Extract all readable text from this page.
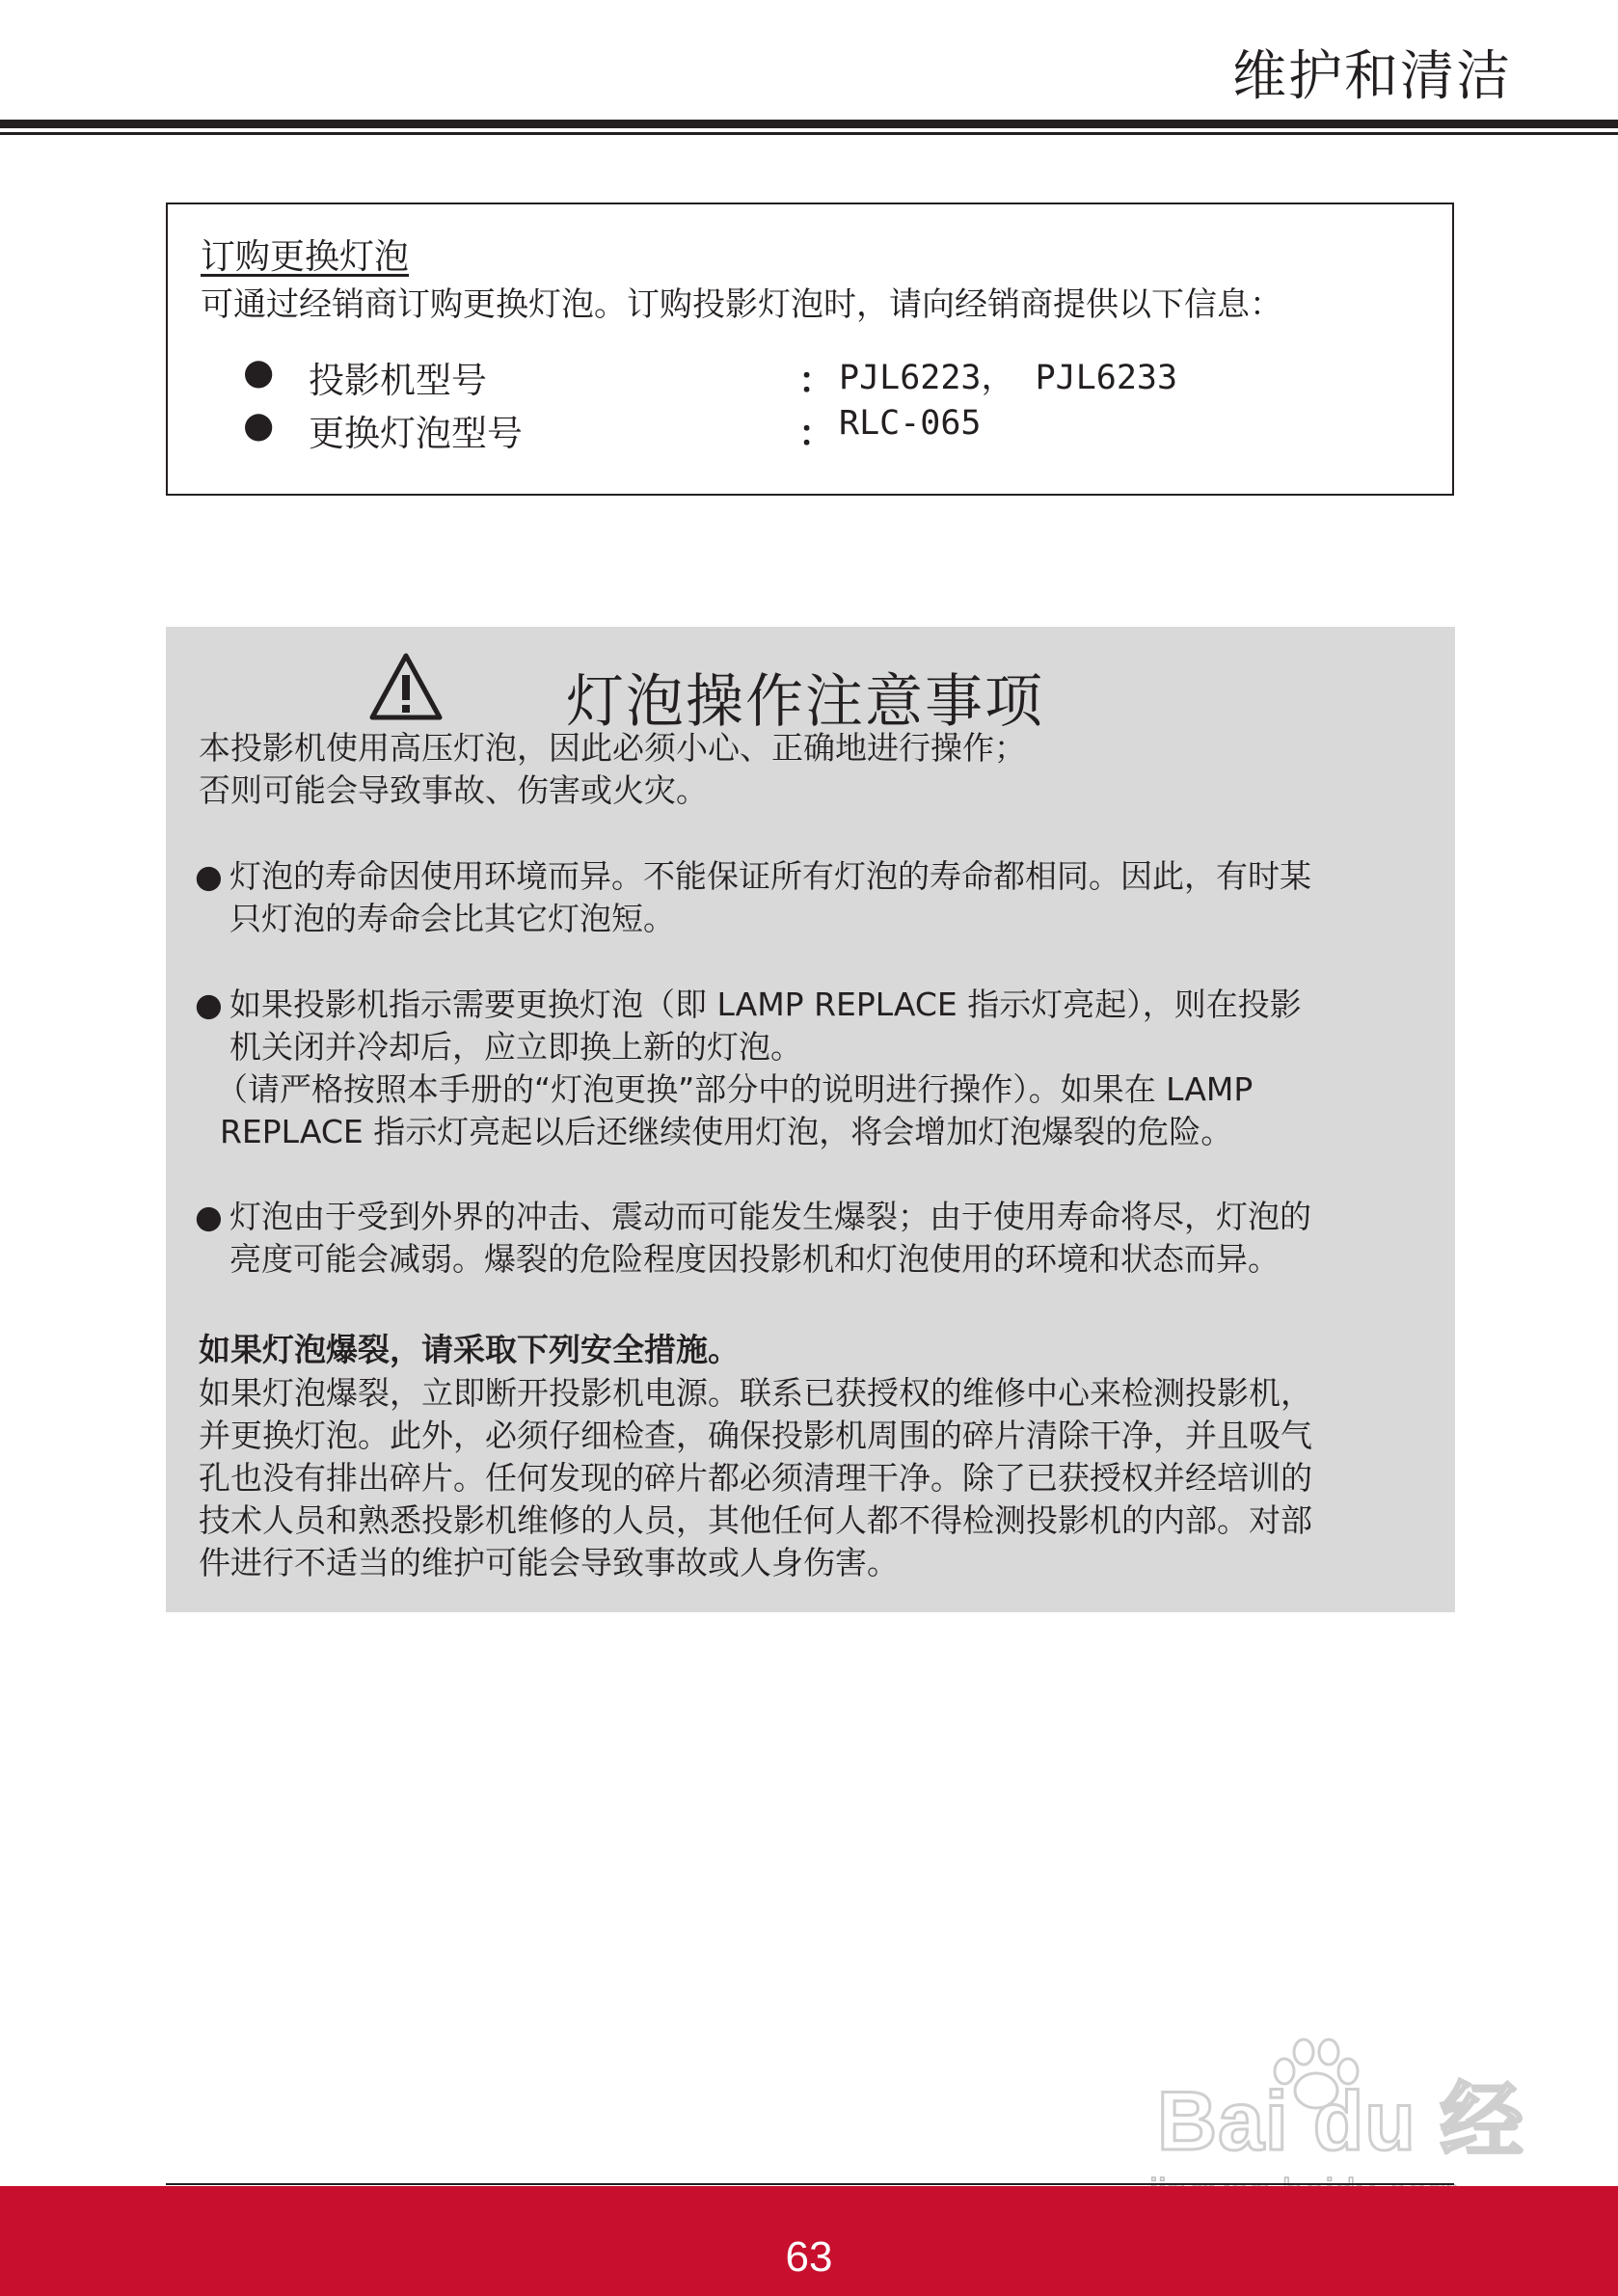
维护和清洁
订购更换灯泡
可通过经销商订购更换灯泡。订购投影灯泡时，请向经销商提供以下信息：
● 投影机型号	： PJL6223， PJL6233
● 更换灯泡型号	： RLC-065
灯泡操作注意事项
本投影机使用高压灯泡，因此必须小心、正确地进行操作；
否则可能会导致事故、伤害或火灾。
● 灯泡的寿命因使用环境而异。不能保证所有灯泡的寿命都相同。因此，有时某
只灯泡的寿命会比其它灯泡短。
● 如果投影机指示需要更换灯泡（即 LAMP REPLACE 指示灯亮起），则在投影
机关闭并冷却后，应立即换上新的灯泡。
（请严格按照本手册的“灯泡更换”部分中的说明进行操作）。如果在 LAMP
REPLACE 指示灯亮起以后还继续使用灯泡，将会增加灯泡爆裂的危险。
● 灯泡由于受到外界的冲击、震动而可能发生爆裂；由于使用寿命将尽，灯泡的
亮度可能会减弱。爆裂的危险程度因投影机和灯泡使用的环境和状态而异。
如果灯泡爆裂，请采取下列安全措施。
如果灯泡爆裂，立即断开投影机电源。联系已获授权的维修中心来检测投影机，
并更换灯泡。此外，必须仔细检查，确保投影机周围的碎片清除干净，并且吸气
孔也没有排出碎片。任何发现的碎片都必须清理干净。除了已获授权并经培训的
技术人员和熟悉投影机维修的人员，其他任何人都不得检测投影机的内部。对部
件进行不适当的维护可能会导致事故或人身伤害。
Bai du 经
63
